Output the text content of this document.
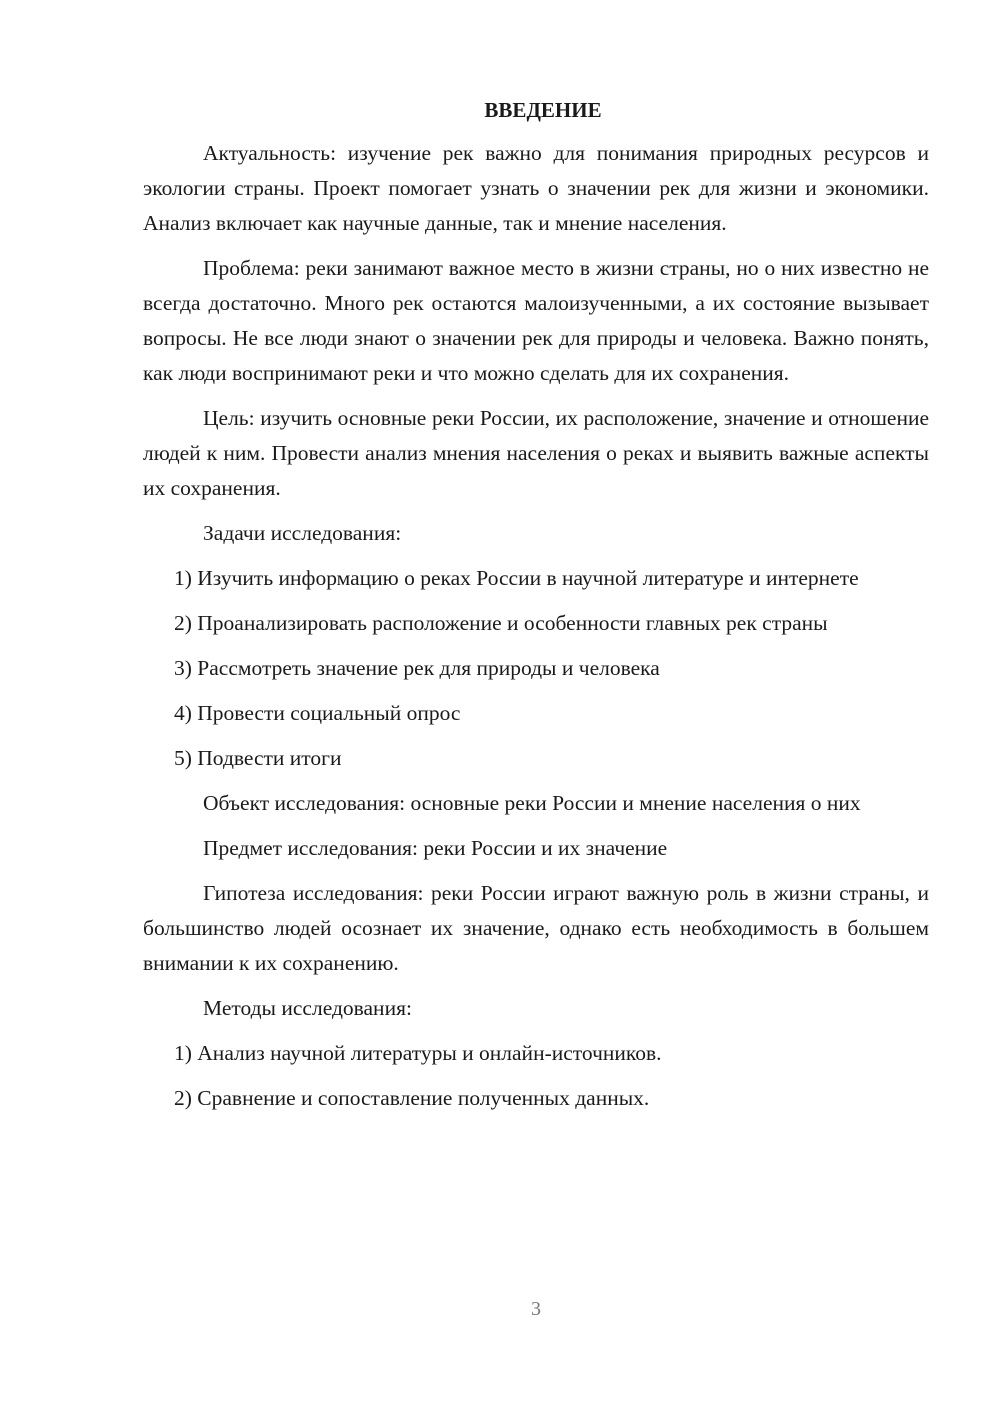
ВВЕДЕНИЕ

Актуальность: изучение рек важно для понимания природных ресурсов и экологии страны. Проект помогает узнать о значении рек для жизни и экономики. Анализ включает как научные данные, так и мнение населения.

Проблема: реки занимают важное место в жизни страны, но о них известно не всегда достаточно. Много рек остаются малоизученными, а их состояние вызывает вопросы. Не все люди знают о значении рек для природы и человека. Важно понять, как люди воспринимают реки и что можно сделать для их сохранения.

Цель: изучить основные реки России, их расположение, значение и отношение людей к ним. Провести анализ мнения населения о реках и выявить важные аспекты их сохранения.

Задачи исследования:

1) Изучить информацию о реках России в научной литературе и интернете

2) Проанализировать расположение и особенности главных рек страны

3) Рассмотреть значение рек для природы и человека

4) Провести социальный опрос

5) Подвести итоги

Объект исследования: основные реки России и мнение населения о них

Предмет исследования: реки России и их значение

Гипотеза исследования: реки России играют важную роль в жизни страны, и большинство людей осознает их значение, однако есть необходимость в большем внимании к их сохранению.

Методы исследования:

1) Анализ научной литературы и онлайн-источников.

2) Сравнение и сопоставление полученных данных.

3
